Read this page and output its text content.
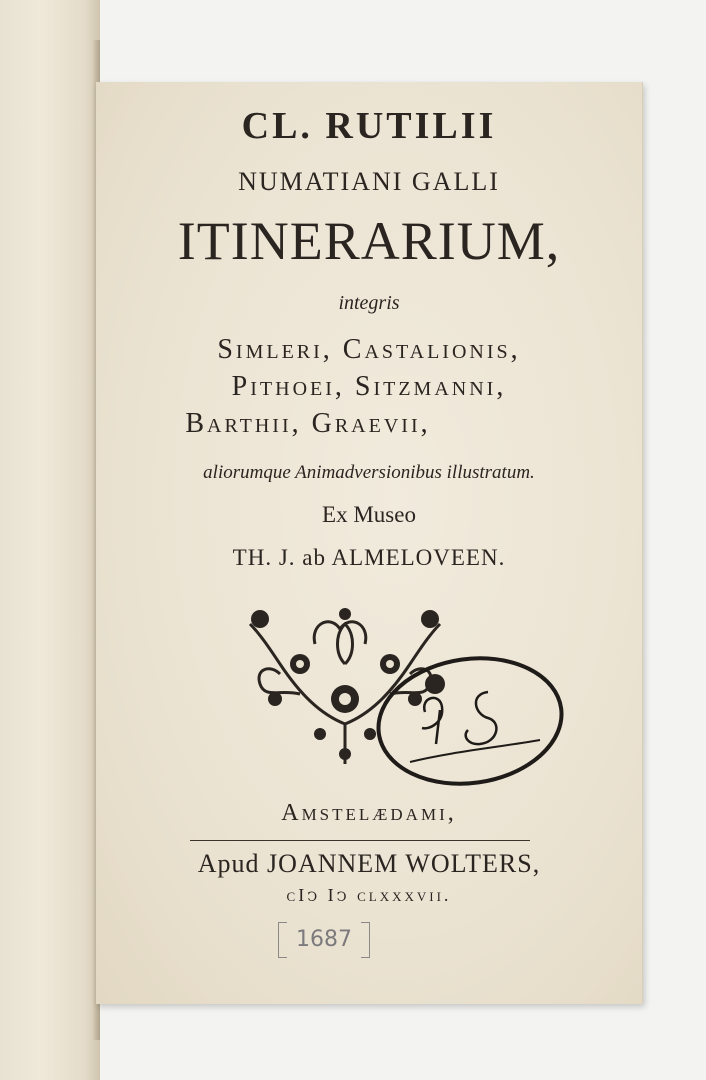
CL. RUTILII
NUMATIANI GALLI
ITINERARIUM,
integris
Simleri, Castalionis,
Pithoei, Sitzmanni,
Barthii, Graevii,
aliorumque Animadversionibus illustratum.
Ex Museo
TH. J. ab ALMELOVEEN.
Amstelædami,
Apud JOANNEM WOLTERS,
cIↄ Iↄ clxxxvii.
1687
